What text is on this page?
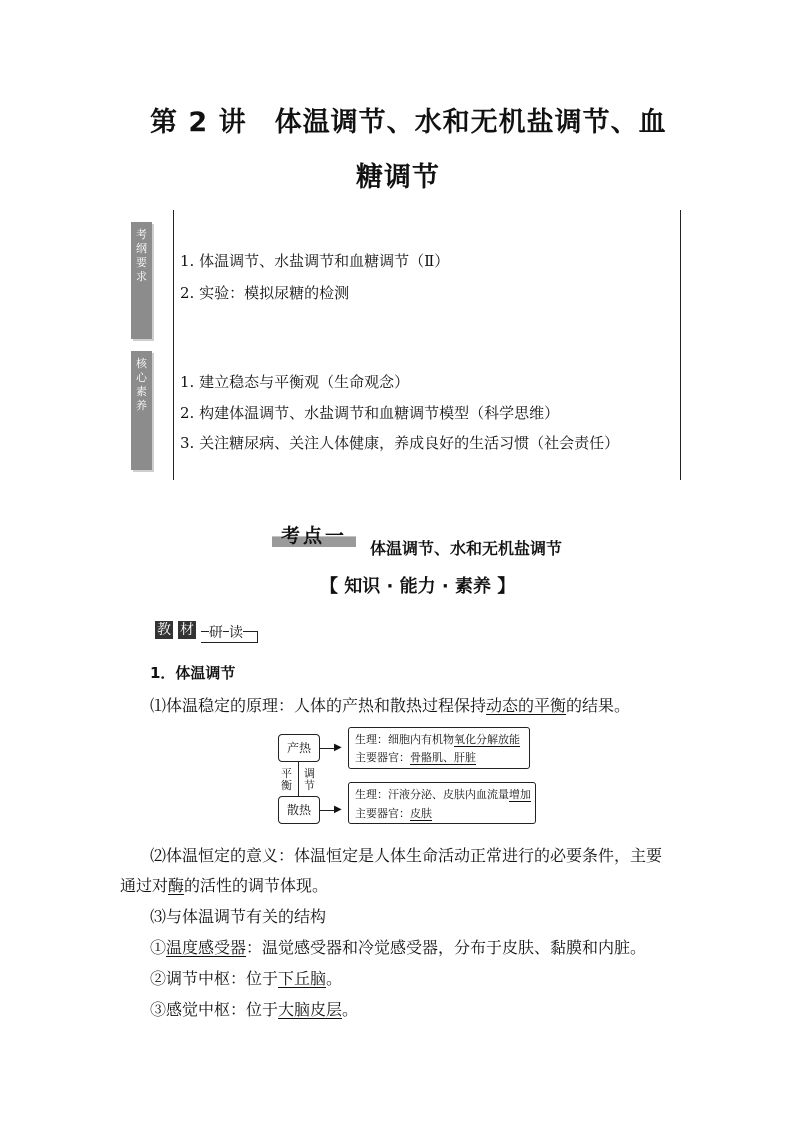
第 2 讲　体温调节、水和无机盐调节、血
糖调节
考
纲
要
求
1. 体温调节、水盐调节和血糖调节（Ⅱ）
2. 实验：模拟尿糖的检测
核
心
素
养
1. 建立稳态与平衡观（生命观念）
2. 构建体温调节、水盐调节和血糖调节模型（科学思维）
3. 关注糖尿病、关注人体健康，养成良好的生活习惯（社会责任）
考点一
体温调节、水和无机盐调节
【 知识 · 能力 · 素养 】
教 材 研 读
1．体温调节
⑴体温稳定的原理：人体的产热和散热过程保持动态的平衡的结果。
产热
散热
平衡
调节
▶
生理：细胞内有机物氧化分解放能
主要器官：骨骼肌、肝脏
▶
生理：汗液分泌、皮肤内血流量增加
主要器官：皮肤
⑵体温恒定的意义：体温恒定是人体生命活动正常进行的必要条件，主要
通过对酶的活性的调节体现。
⑶与体温调节有关的结构
①温度感受器：温觉感受器和冷觉感受器，分布于皮肤、黏膜和内脏。
②调节中枢：位于下丘脑。
③感觉中枢：位于大脑皮层。
